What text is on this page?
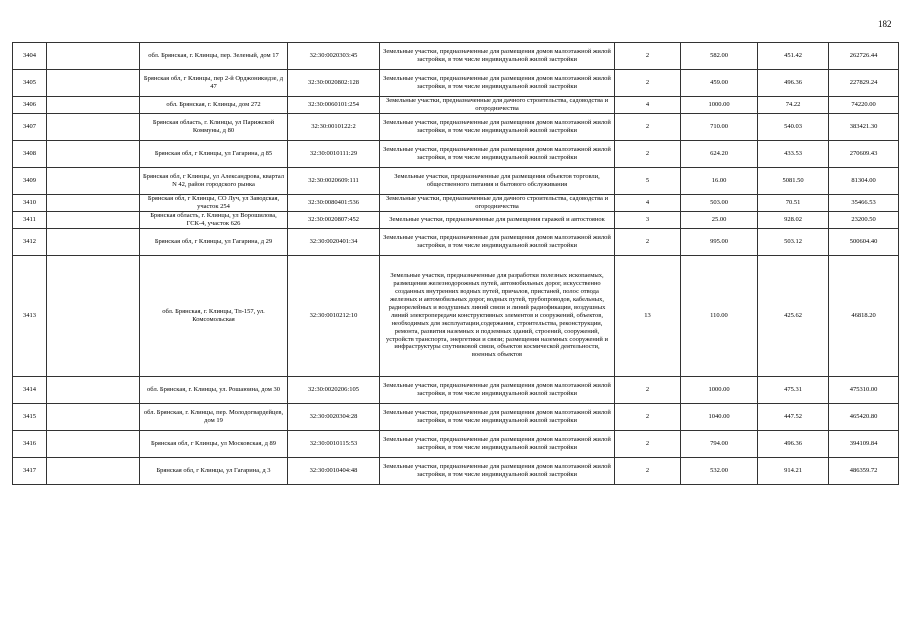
182
3404		обл. Брянская, г. Клинцы, пер. Зеленый, дом 17	32:30:0020303:45	Земельные участки, предназначенные для размещения домов малоэтажной жилой застройки, в том числе индивидуальной жилой застройки	2	582.00	451.42	262726.44
3405		Брянская обл, г Клинцы, пер 2-й Орджоникидзе, д 47	32:30:0020802:128	Земельные участки, предназначенные для размещения домов малоэтажной жилой застройки, в том числе индивидуальной жилой застройки	2	459.00	496.36	227829.24
3406		обл. Брянская, г. Клинцы, дом 272	32:30:0060101:254	Земельные участки, предназначенные для дачного строительства, садоводства и огородничества	4	1000.00	74.22	74220.00
3407		Брянская область, г. Клинцы, ул Парижской Коммуны, д 80	32:30:0010122:2	Земельные участки, предназначенные для размещения домов малоэтажной жилой застройки, в том числе индивидуальной жилой застройки	2	710.00	540.03	383421.30
3408		Брянская обл, г Клинцы, ул Гагарина, д 85	32:30:0010111:29	Земельные участки, предназначенные для размещения домов малоэтажной жилой застройки, в том числе индивидуальной жилой застройки	2	624.20	433.53	270609.43
3409		Брянская обл, г Клинцы, ул Александрова, квартал N 42, район городского рынка	32:30:0020609:111	Земельные участки, предназначенные для размещения объектов торговли, общественного питания и бытового обслуживания	5	16.00	5081.50	81304.00
3410		Брянская обл, г Клинцы, СО Луч, ул Заводская, участок 254	32:30:0080401:536	Земельные участки, предназначенные для дачного строительства, садоводства и огородничества	4	503.00	70.51	35466.53
3411		Брянская область, г. Клинцы, ул Ворошилова, ГСК-4, участок 626	32:30:0020807:452	Земельные участки, предназначенные для размещения гаражей и автостоянок	3	25.00	928.02	23200.50
3412		Брянская обл, г Клинцы, ул Гагарина, д 29	32:30:0020401:34	Земельные участки, предназначенные для размещения домов малоэтажной жилой застройки, в том числе индивидуальной жилой застройки	2	995.00	503.12	500604.40
3413		обл. Брянская, г. Клинцы, Тп-157, ул. Комсомольская	32:30:0010212:10	Земельные участки, предназначенные для разработки полезных ископаемых, размещения железнодорожных путей, автомобильных дорог, искусственно созданных внутренних водных путей, причалов, пристаней, полос отвода железных и автомобильных дорог, водных путей, трубопроводов, кабельных, радиорелейных и воздушных линий связи и линий радиофикации, воздушных линий электропередачи конструктивных элементов и сооружений, объектов, необходимых для эксплуатации,содержания, строительства, реконструкции, ремонта, развития наземных и подземных зданий, строений, сооружений, устройств транспорта, энергетики и связи; размещения наземных сооружений и инфраструктуры спутниковой связи, объектов космической деятельности, военных объектов	13	110.00	425.62	46818.20
3414		обл. Брянская, г. Клинцы, ул. Рошаюина, дом 30	32:30:0020206:105	Земельные участки, предназначенные для размещения домов малоэтажной жилой застройки, в том числе индивидуальной жилой застройки	2	1000.00	475.31	475310.00
3415		обл. Брянская, г. Клинцы, пер. Молодогвардейцев, дом 19	32:30:0020304:28	Земельные участки, предназначенные для размещения домов малоэтажной жилой застройки, в том числе индивидуальной жилой застройки	2	1040.00	447.52	465420.80
3416		Брянская обл, г Клинцы, ул Московская, д 89	32:30:0010115:53	Земельные участки, предназначенные для размещения домов малоэтажной жилой застройки, в том числе индивидуальной жилой застройки	2	794.00	496.36	394109.84
3417		Брянская обл, г Клинцы, ул Гагарина, д 3	32:30:0010404:48	Земельные участки, предназначенные для размещения домов малоэтажной жилой застройки, в том числе индивидуальной жилой застройки	2	532.00	914.21	486359.72
